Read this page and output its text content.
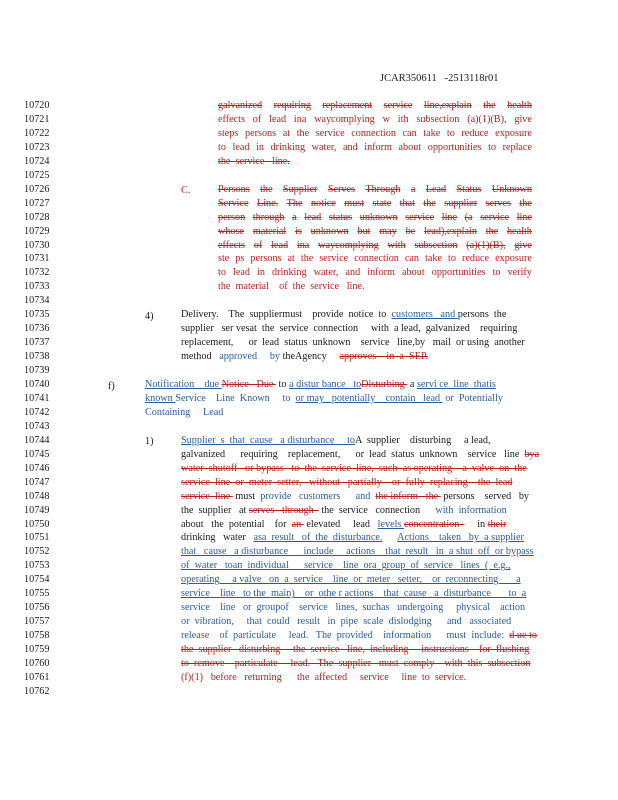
JCAR350611   -2513118r01
10720
10721
10722
10723
10724
10725
10726
10727
10728
10729
10730
10731
10732
10733
10734
10735
10736
10737
10738
10739
10740
10741
10742
10743
10744
10745
10746
10747
10748
10749
10750
10751
10752
10753
10754
10755
10756
10757
10758
10759
10760
10761
10762
galvanized requiring replacement service line,explain the health
effects of lead ina waycomplying w ith subsection (a)(1)(B), give
steps persons at the service connection can take to reduce exposure
to lead in drinking water, and inform about opportunities to replace
the  service   line.
Persons the Supplier Serves Through a Lead Status Unknown
Service Line. The notice must state that the supplier serves the
person through a lead status unknown service line (a service line
whose material is unknown but may be lead),explain the health
effects of lead ina waycomplying with subsection (a)(1)(B), give
ste ps persons at the service connection can take to reduce exposure
to lead in drinking water, and inform about opportunities to verify
the  material    of  the  service   line.
Delivery.    The  suppliermust    provide  notice  to  customers   and persons  the
supplier   ser vesat  the  service  connection     with  a lead,  galvanized    requiring
replacement,      or  lead  status  unknown    service   line,by   mail  or using  another
method   approved     by theAgency     approves    in  a  SEP.
Notification    due Notice   Due  to a distur bance   toDisturbing  a servi ce  line  thatis
known Service    Line  Known     to  or may   potentially    contain   lead  or  Potentially
Containing     Lead
Supplier  s  that  cause   a disturbance     toA  supplier    disturbing     a lead,
galvanized      requiring    replacement,      or  lead  status  unknown    service   line  bya
water  shutoff   or bypass   to  the  service  line,  such  as operating    a  valve  on  the
service  line  or  meter  setter,   without   partially    or  fully  replacing    the  lead
service  line  must  provide   customers      and  the inform   the  persons    served   by
the  supplier   at serves   through   the  service   connection      with  information
about   the  potential    for  an  elevated     lead   levels concentration       in their
drinking   water   asa  result   of  the  disturbance. Actions    taken   by  a supplier
that   cause   a disturbance      include     actions    that  result   in  a shut  off  or bypass
of  water   toan  individual      service    line  ora  group  of  service   lines  (  e.g.,
operating     a valve   on  a  service    line  or  meter   setter,    or  reconnecting       a
service    line   to the  main)    or  othe r actions    that  cause   a  disturbance       to  a
service    line   or  groupof    service   lines,  suchas   undergoing     physical    action
or  vibration,     that  could   result   in  pipe  scale  dislodging      and   associated
release    of  particulate     lead.   The  provided    information      must  include:  d ue to
the  supplier   disturbing     the  service   line,  including     instructions    for  flushing
to  remove    particulate     lead.   The  supplier   must  comply    with  this  subsection
(f)(1)   before   returning      the  affected     service     line  to  service.
C.
4)
f)
1)
